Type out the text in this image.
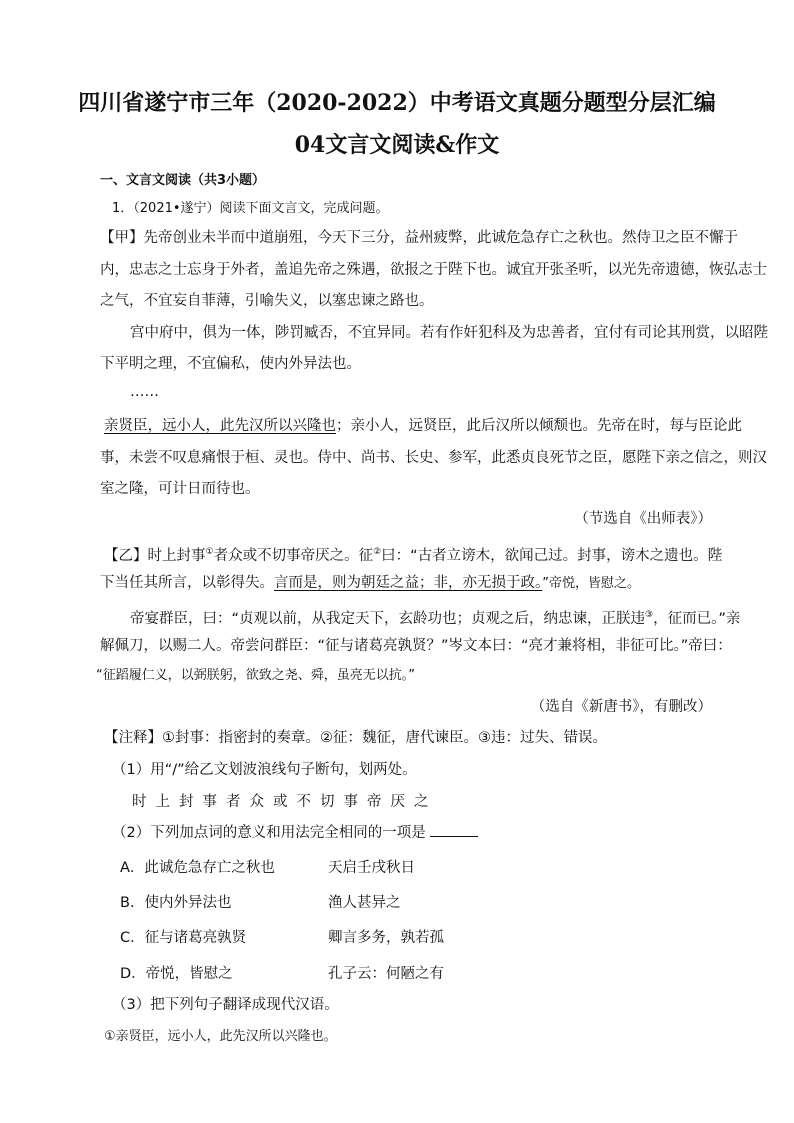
四川省遂宁市三年（2020-2022）中考语文真题分题型分层汇编
04文言文阅读&作文
一、文言文阅读（共3小题）
1．（2021•遂宁）阅读下面文言文，完成问题。
【甲】先帝创业未半而中道崩殂，今天下三分，益州疲弊，此诚危急存亡之秋也。然侍卫之臣不懈于
内，忠志之士忘身于外者，盖追先帝之殊遇，欲报之于陛下也。诚宜开张圣听，以光先帝遗德，恢弘志士
之气，不宜妄自菲薄，引喻失义，以塞忠谏之路也。
宫中府中，俱为一体，陟罚臧否，不宜异同。若有作奸犯科及为忠善者，宜付有司论其刑赏，以昭陛
下平明之理，不宜偏私，使内外异法也。
……
亲贤臣，远小人，此先汉所以兴隆也；亲小人，远贤臣，此后汉所以倾颓也。先帝在时，每与臣论此
事，未尝不叹息痛恨于桓、灵也。侍中、尚书、长史、参军，此悉贞良死节之臣，愿陛下亲之信之，则汉
室之隆，可计日而待也。
（节选自《出师表》）
【乙】时上封事①者众或不切事帝厌之。征②曰：“古者立谤木，欲闻己过。封事，谤木之遗也。陛
下当任其所言，以彰得失。言而是，则为朝廷之益；非，亦无损于政。”帝悦，皆慰之。
帝宴群臣，曰：“贞观以前，从我定天下，玄龄功也；贞观之后，纳忠谏，正朕违③，征而已。”亲
解佩刀，以赐二人。帝尝问群臣：“征与诸葛亮孰贤？”岑文本曰：“亮才兼将相，非征可比。”帝曰：
“征蹈履仁义，以弼朕躬，欲致之尧、舜，虽亮无以抗。”
（选自《新唐书》，有删改）
【注释】①封事：指密封的奏章。②征：魏征，唐代谏臣。③违：过失、错误。
（1）用“/”给乙文划波浪线句子断句，划两处。
时上封事者众或不切事帝厌之
（2）下列加点词的意义和用法完全相同的一项是
A．此诚危急存亡之秋也	天启壬戌秋日
B．使内外异法也	渔人甚异之
C．征与诸葛亮孰贤	卿言多务，孰若孤
D．帝悦，皆慰之	孔子云：何陋之有
（3）把下列句子翻译成现代汉语。
①亲贤臣，远小人，此先汉所以兴隆也。
